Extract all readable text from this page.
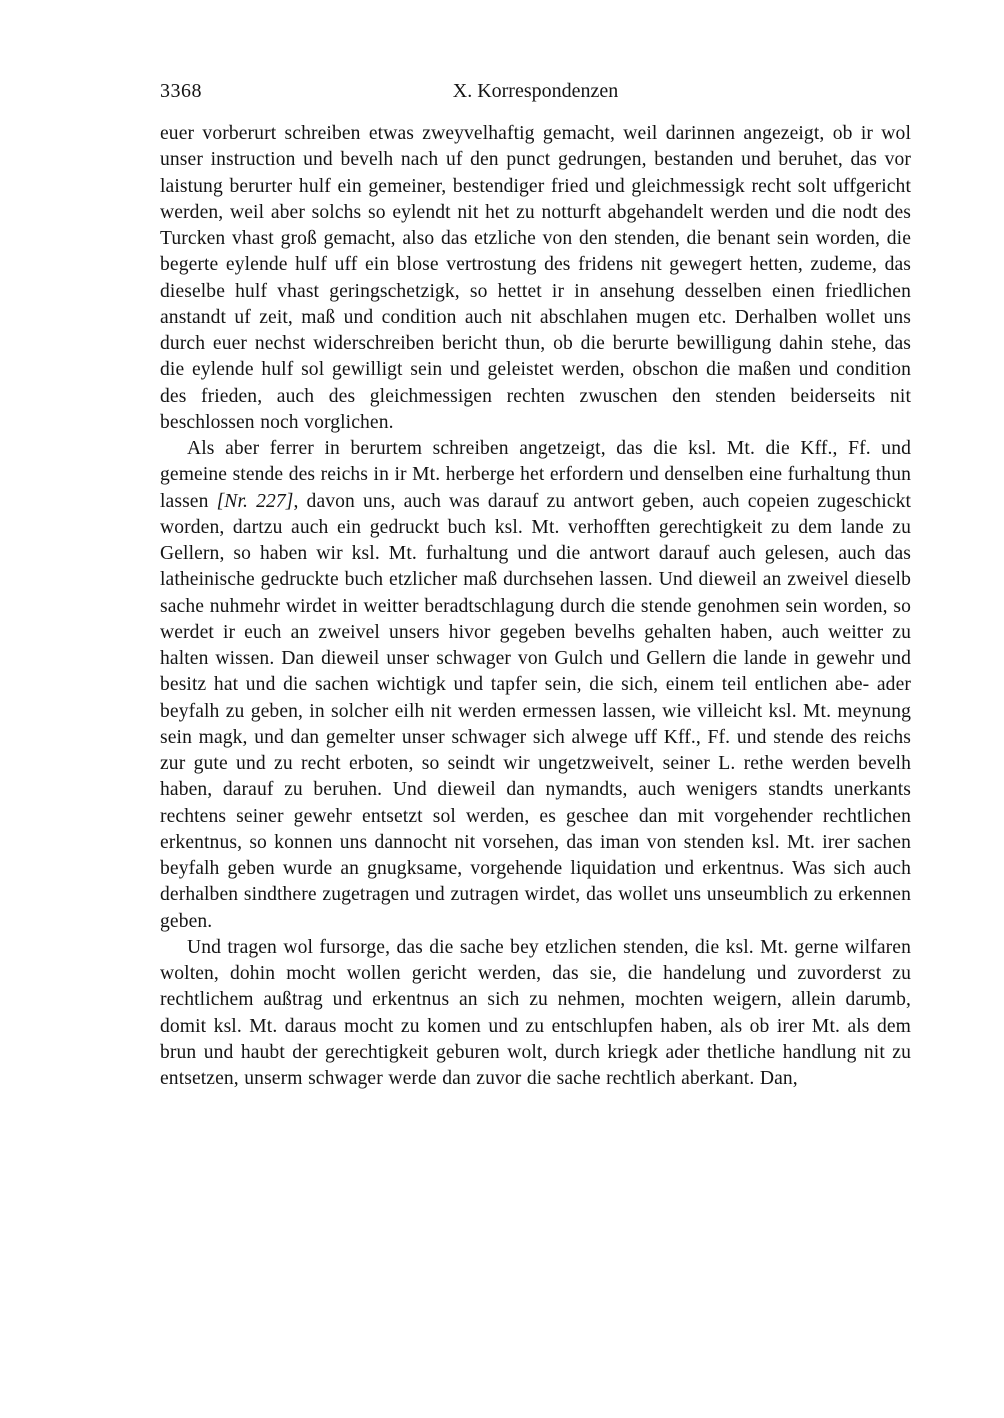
3368	X. Korrespondenzen

euer vorberurt schreiben etwas zweyvelhaftig gemacht, weil darinnen angezeigt, ob ir wol unser instruction und bevelh nach uf den punct gedrungen, bestanden und beruhet, das vor laistung berurter hulf ein gemeiner, bestendiger fried und gleichmessigk recht solt uffgericht werden, weil aber solchs so eylendt nit het zu notturft abgehandelt werden und die nodt des Turcken vhast groß gemacht, also das etzliche von den stenden, die benant sein worden, die begerte eylende hulf uff ein blose vertrostung des fridens nit gewegert hetten, zudeme, das dieselbe hulf vhast geringschetzigk, so hettet ir in ansehung desselben einen friedlichen anstandt uf zeit, maß und condition auch nit abschlahen mugen etc. Derhalben wollet uns durch euer nechst widerschreiben bericht thun, ob die berurte bewilligung dahin stehe, das die eylende hulf sol gewilligt sein und geleistet werden, obschon die maßen und condition des frieden, auch des gleichmessigen rechten zwuschen den stenden beiderseits nit beschlossen noch vorglichen.

Als aber ferrer in berurtem schreiben angetzeigt, das die ksl. Mt. die Kff., Ff. und gemeine stende des reichs in ir Mt. herberge het erfordern und denselben eine furhaltung thun lassen [Nr. 227], davon uns, auch was darauf zu antwort geben, auch copeien zugeschickt worden, dartzu auch ein gedruckt buch ksl. Mt. verhofften gerechtigkeit zu dem lande zu Gellern, so haben wir ksl. Mt. furhaltung und die antwort darauf auch gelesen, auch das latheinische gedruckte buch etzlicher maß durchsehen lassen. Und dieweil an zweivel dieselb sache nuhmehr wirdet in weitter beradtschlagung durch die stende genohmen sein worden, so werdet ir euch an zweivel unsers hivor gegeben bevelhs gehalten haben, auch weitter zu halten wissen. Dan dieweil unser schwager von Gulch und Gellern die lande in gewehr und besitz hat und die sachen wichtigk und tapfer sein, die sich, einem teil entlichen abe- ader beyfalh zu geben, in solcher eilh nit werden ermessen lassen, wie villeicht ksl. Mt. meynung sein magk, und dan gemelter unser schwager sich alwege uff Kff., Ff. und stende des reichs zur gute und zu recht erboten, so seindt wir ungetzweivelt, seiner L. rethe werden bevelh haben, darauf zu beruhen. Und dieweil dan nymandts, auch wenigers standts unerkants rechtens seiner gewehr entsetzt sol werden, es geschee dan mit vorgehender rechtlichen erkentnus, so konnen uns dannocht nit vorsehen, das iman von stenden ksl. Mt. irer sachen beyfalh geben wurde an gnugksame, vorgehende liquidation und erkentnus. Was sich auch derhalben sindthere zugetragen und zutragen wirdet, das wollet uns unseumblich zu erkennen geben.

Und tragen wol fursorge, das die sache bey etzlichen stenden, die ksl. Mt. gerne wilfaren wolten, dohin mocht wollen gericht werden, das sie, die handelung und zuvorderst zu rechtlichem außtrag und erkentnus an sich zu nehmen, mochten weigern, allein darumb, domit ksl. Mt. daraus mocht zu komen und zu entschlupfen haben, als ob irer Mt. als dem brun und haubt der gerechtigkeit geburen wolt, durch kriegk ader thetliche handlung nit zu entsetzen, unserm schwager werde dan zuvor die sache rechtlich aberkant. Dan,
